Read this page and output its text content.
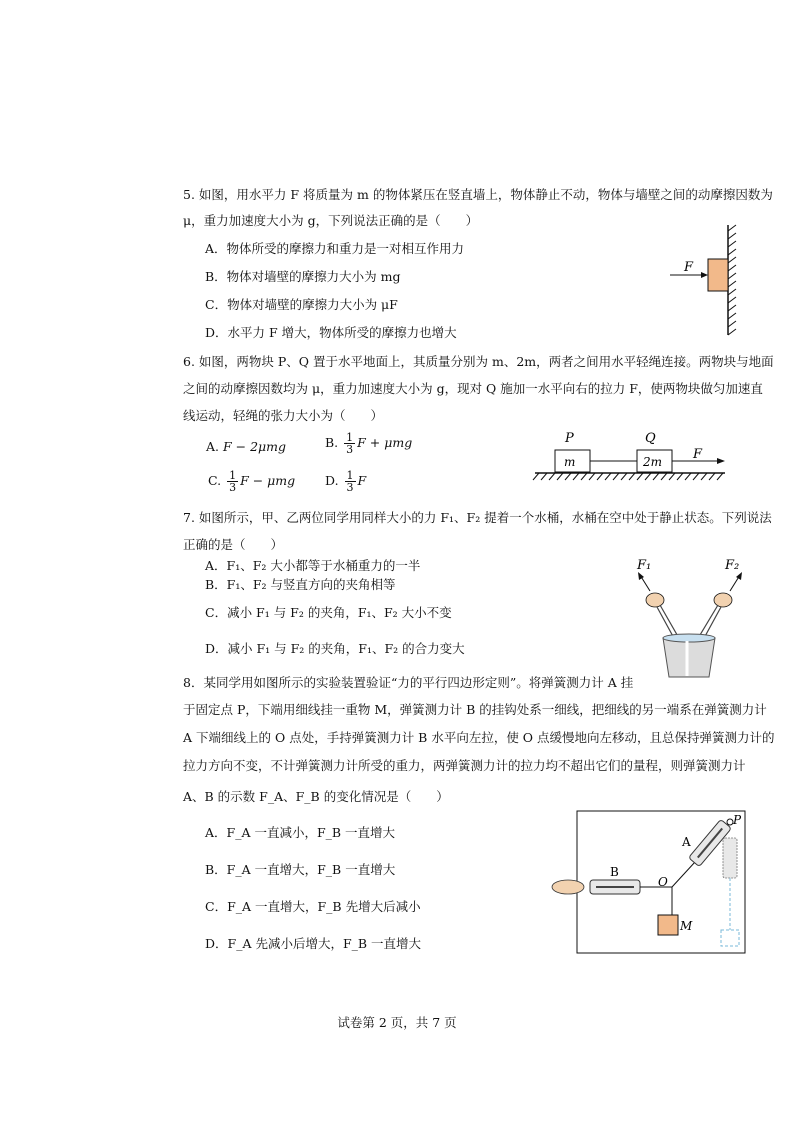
5. 如图，用水平力 F 将质量为 m 的物体紧压在竖直墙上，物体静止不动，物体与墙壁之间的动摩擦因数为
μ，重力加速度大小为 g，下列说法正确的是（　　）
A．物体所受的摩擦力和重力是一对相互作用力
B．物体对墙壁的摩擦力大小为 mg
C．物体对墙壁的摩擦力大小为 μF
D．水平力 F 增大，物体所受的摩擦力也增大
F
6. 如图，两物块 P、Q 置于水平地面上，其质量分别为 m、2m，两者之间用水平轻绳连接。两物块与地面
之间的动摩擦因数均为 μ，重力加速度大小为 g，现对 Q 施加一水平向右的拉力 F，使两物块做匀加速直
线运动，轻绳的张力大小为（　　）
A. F − 2μmg	B. $\frac{1}{3}$ F + μmg
C. $\frac{1}{3}$ F − μmg D. $\frac{1}{3}$ F
P	Q
m	2m F
7. 如图所示，甲、乙两位同学用同样大小的力 F₁、F₂ 提着一个水桶，水桶在空中处于静止状态。下列说法
正确的是（　　）
A．F₁、F₂ 大小都等于水桶重力的一半
B．F₁、F₂ 与竖直方向的夹角相等
C．减小 F₁ 与 F₂ 的夹角，F₁、F₂ 大小不变
D．减小 F₁ 与 F₂ 的夹角，F₁、F₂ 的合力变大
F₁	F₂
8．某同学用如图所示的实验装置验证“力的平行四边形定则”。将弹簧测力计 A 挂
于固定点 P，下端用细线挂一重物 M，弹簧测力计 B 的挂钩处系一细线，把细线的另一端系在弹簧测力计
A 下端细线上的 O 点处，手持弹簧测力计 B 水平向左拉，使 O 点缓慢地向左移动，且总保持弹簧测力计的
拉力方向不变，不计弹簧测力计所受的重力，两弹簧测力计的拉力均不超出它们的量程，则弹簧测力计
A、B 的示数 F_A、F_B 的变化情况是（　　）
A．F_A 一直减小，F_B 一直增大
B．F_A 一直增大，F_B 一直增大
C．F_A 一直增大，F_B 先增大后减小
D．F_A 先减小后增大，F_B 一直增大
B
O
M
A
P
试卷第 2 页，共 7 页
